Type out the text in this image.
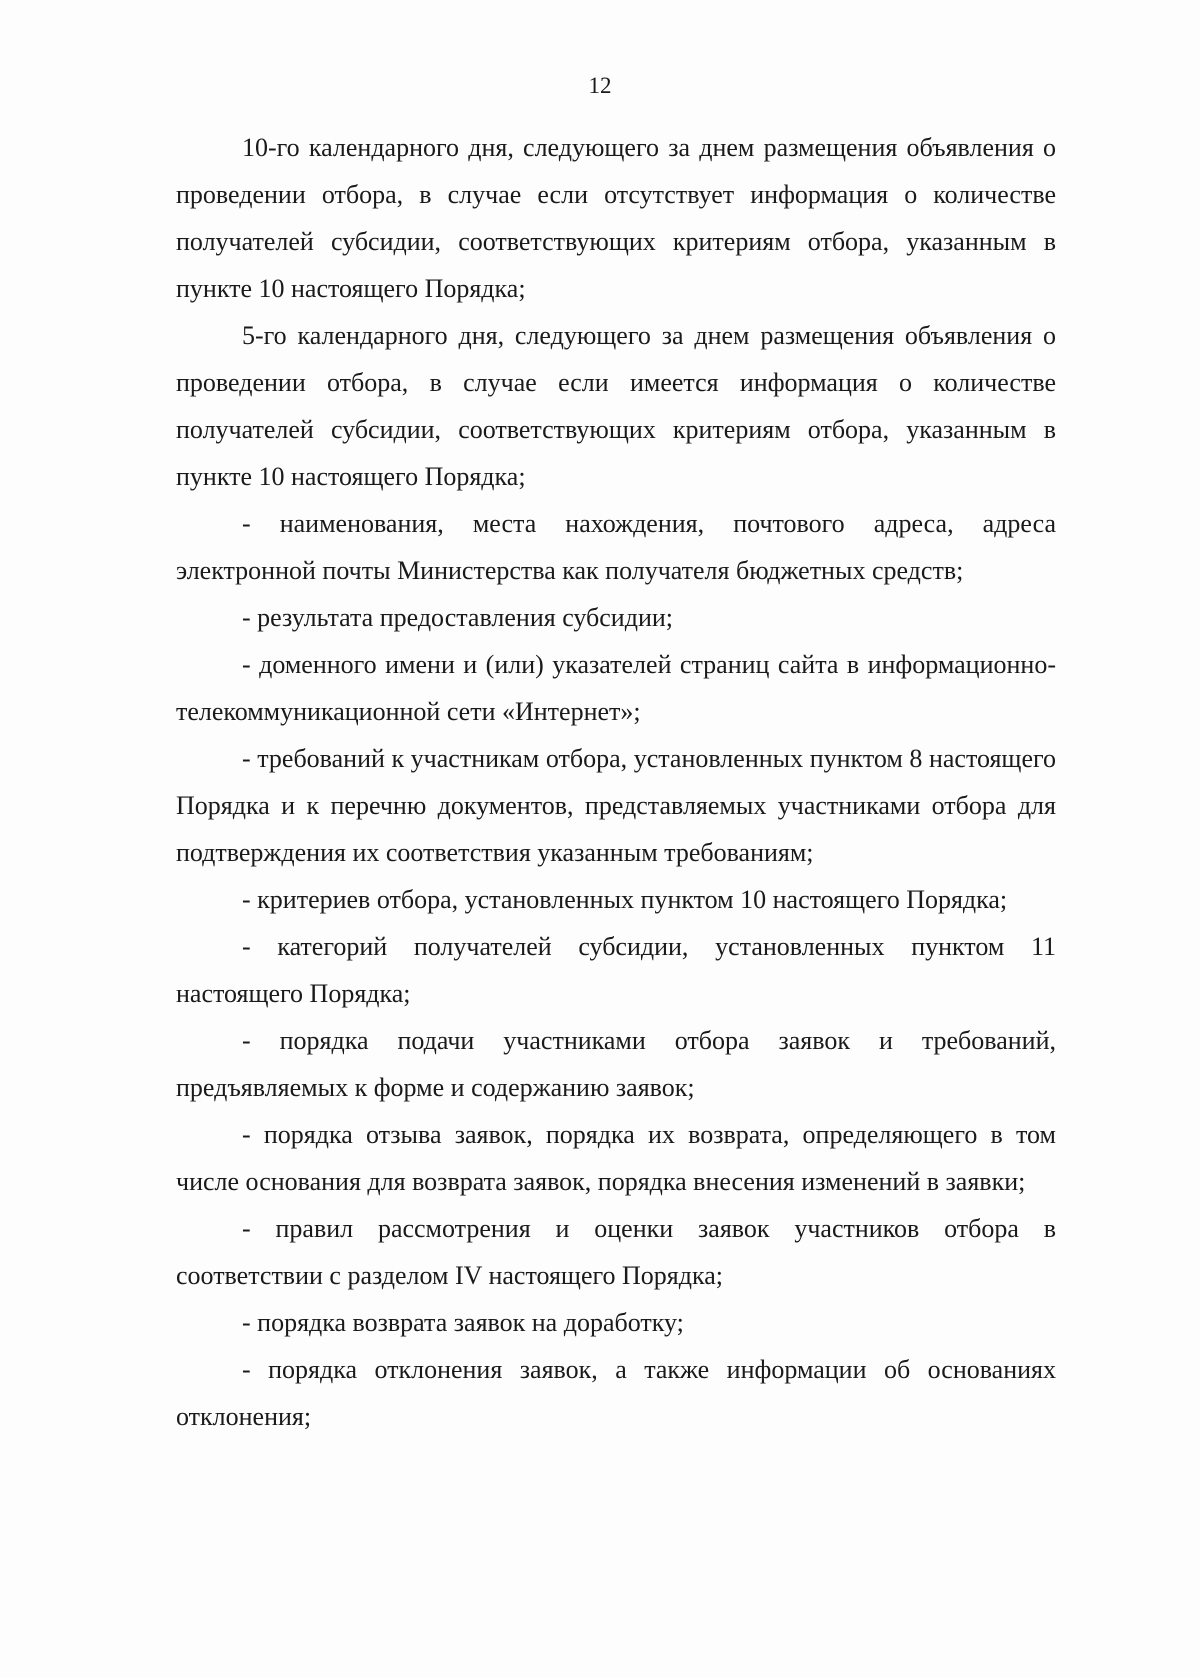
12

10-го календарного дня, следующего за днем размещения объявления о проведении отбора, в случае если отсутствует информация о количестве получателей субсидии, соответствующих критериям отбора, указанным в пункте 10 настоящего Порядка;

5-го календарного дня, следующего за днем размещения объявления о проведении отбора, в случае если имеется информация о количестве получателей субсидии, соответствующих критериям отбора, указанным в пункте 10 настоящего Порядка;

- наименования, места нахождения, почтового адреса, адреса электронной почты Министерства как получателя бюджетных средств;

- результата предоставления субсидии;

- доменного имени и (или) указателей страниц сайта в информационно-телекоммуникационной сети «Интернет»;

- требований к участникам отбора, установленных пунктом 8 настоящего Порядка и к перечню документов, представляемых участниками отбора для подтверждения их соответствия указанным требованиям;

- критериев отбора, установленных пунктом 10 настоящего Порядка;

- категорий получателей субсидии, установленных пунктом 11 настоящего Порядка;

- порядка подачи участниками отбора заявок и требований, предъявляемых к форме и содержанию заявок;

- порядка отзыва заявок, порядка их возврата, определяющего в том числе основания для возврата заявок, порядка внесения изменений в заявки;

- правил рассмотрения и оценки заявок участников отбора в соответствии с разделом IV настоящего Порядка;

- порядка возврата заявок на доработку;

- порядка отклонения заявок, а также информации об основаниях отклонения;
